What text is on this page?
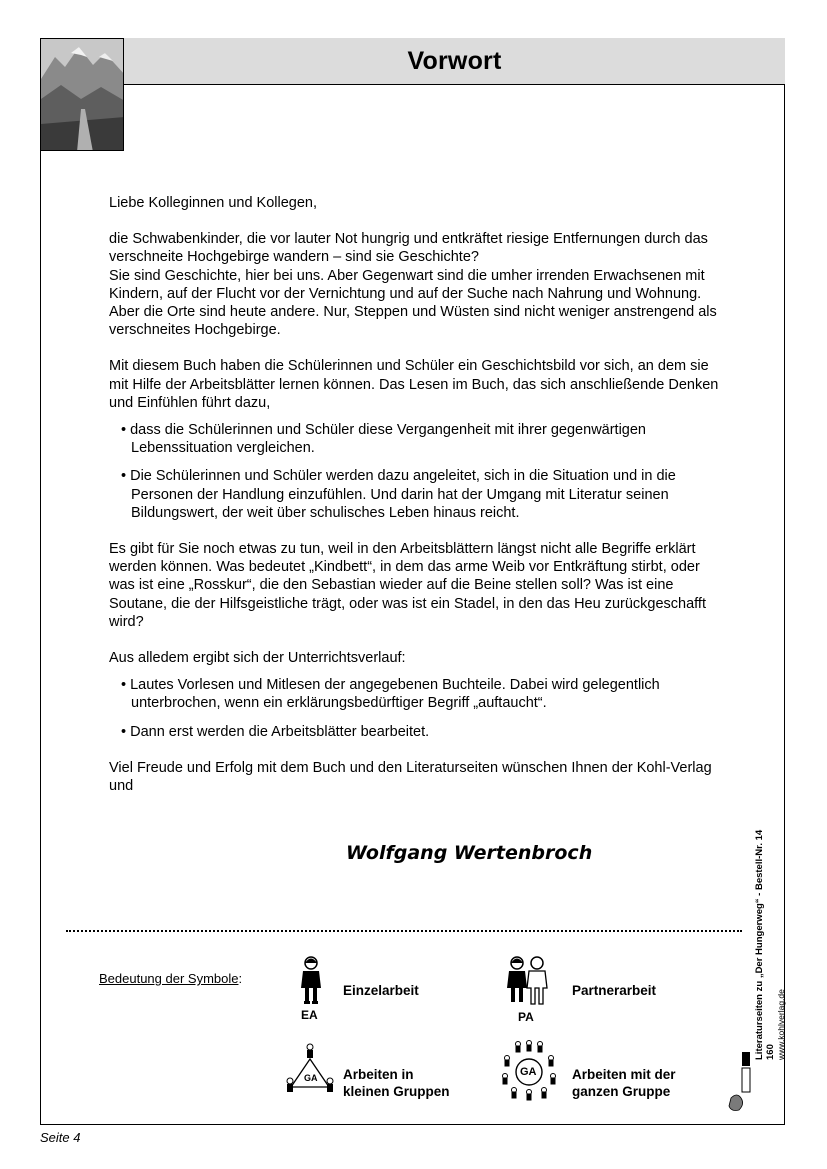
Vorwort

Liebe Kolleginnen und Kollegen,

die Schwabenkinder, die vor lauter Not hungrig und entkräftet riesige Entfernungen durch das verschneite Hochgebirge wandern – sind sie Geschichte?

Sie sind Geschichte, hier bei uns. Aber Gegenwart sind die umher irrenden Erwachsenen mit Kindern, auf der Flucht vor der Vernichtung und auf der Suche nach Nahrung und Wohnung.

Aber die Orte sind heute andere. Nur, Steppen und Wüsten sind nicht weniger anstrengend als verschneites Hochgebirge.

Mit diesem Buch haben die Schülerinnen und Schüler ein Geschichtsbild vor sich, an dem sie mit Hilfe der Arbeitsblätter lernen können. Das Lesen im Buch, das sich anschließende Denken und Einfühlen führt dazu,

• dass die Schülerinnen und Schüler diese Vergangenheit mit ihrer gegenwärtigen Lebenssituation vergleichen.

• Die Schülerinnen und Schüler werden dazu angeleitet, sich in die Situation und in die Personen der Handlung einzufühlen. Und darin hat der Umgang mit Literatur seinen Bildungswert, der weit über schulisches Leben hinaus reicht.

Es gibt für Sie noch etwas zu tun, weil in den Arbeitsblättern längst nicht alle Begriffe erklärt werden können. Was bedeutet „Kindbett“, in dem das arme Weib vor Entkräftung stirbt, oder was ist eine „Rosskur“, die den Sebastian wieder auf die Beine stellen soll? Was ist eine Soutane, die der Hilfsgeistliche trägt, oder was ist ein Stadel, in den das Heu zurückgeschafft wird?

Aus alledem ergibt sich der Unterrichtsverlauf:

• Lautes Vorlesen und Mitlesen der angegebenen Buchteile. Dabei wird gelegentlich unterbrochen, wenn ein erklärungsbedürftiger Begriff „auftaucht“.

• Dann erst werden die Arbeitsblätter bearbeitet.

Viel Freude und Erfolg mit dem Buch und den Literaturseiten wünschen Ihnen der Kohl-Verlag und

Wolfgang Wertenbroch
Bedeutung der Symbole:
EA
Einzelarbeit
PA
Partnerarbeit
GA Arbeiten in
kleinen Gruppen
GA	Arbeiten mit der
ganzen Gruppe
Literaturseiten zu „Der Hungerweg“ - Bestell-Nr. 14 160 www.kohlverlag.de
Seite 4
